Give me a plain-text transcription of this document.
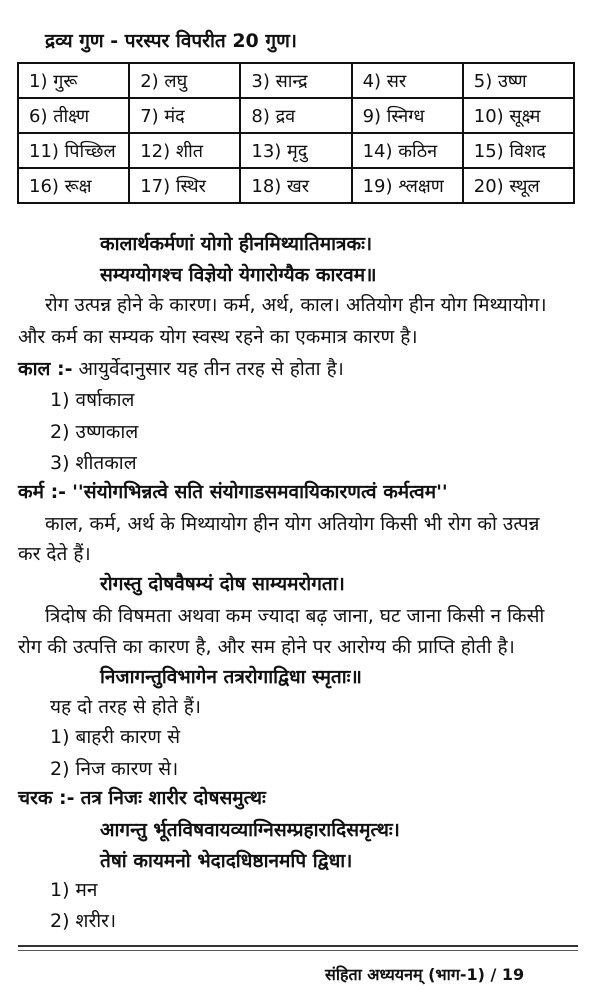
द्रव्य गुण - परस्पर विपरीत 20 गुण।
1) गुरू	2) लघु	3) सान्द्र	4) सर	5) उष्ण
6) तीक्ष्ण	7) मंद	8) द्रव	9) स्निग्ध	10) सूक्ष्म
11) पिच्छिल	12) शीत	13) मृदु	14) कठिन	15) विशद
16) रूक्ष	17) स्थिर	18) खर	19) श्लक्षण	20) स्थूल
कालार्थकर्मणां योगो हीनमिथ्यातिमात्रकः।
सम्यग्योगश्च विज्ञेयो येगारोग्यैक कारवम॥
रोग उत्पन्न होने के कारण। कर्म, अर्थ, काल। अतियोग हीन योग मिथ्यायोग।
और कर्म का सम्यक योग स्वस्थ रहने का एकमात्र कारण है।
काल :- आयुर्वेदानुसार यह तीन तरह से होता है।
1) वर्षाकाल
2) उष्णकाल
3) शीतकाल
कर्म :- ''संयोगभिन्नत्वे सति संयोगाडसमवायिकारणत्वं कर्मत्वम''
काल, कर्म, अर्थ के मिथ्यायोग हीन योग अतियोग किसी भी रोग को उत्पन्न
कर देते हैं।
रोगस्तु दोषवैषम्यं दोष साम्यमरोगता।
त्रिदोष की विषमता अथवा कम ज्यादा बढ़ जाना, घट जाना किसी न किसी
रोग की उत्पत्ति का कारण है, और सम होने पर आरोग्य की प्राप्ति होती है।
निजागन्तुविभागेन तत्ररोगाद्विधा स्मृताः॥
यह दो तरह से होते हैं।
1) बाहरी कारण से
2) निज कारण से।
चरक :- तत्र निजः शारीर दोषसमुत्थः
आगन्तु र्भूतविषवायव्याग्निसम्प्रहारादिसमृत्थः।
तेषां कायमनो भेदादधिष्ठानमपि द्विधा।
1) मन
2) शरीर।
संहिता अध्ययनम् (भाग-1) / 19
